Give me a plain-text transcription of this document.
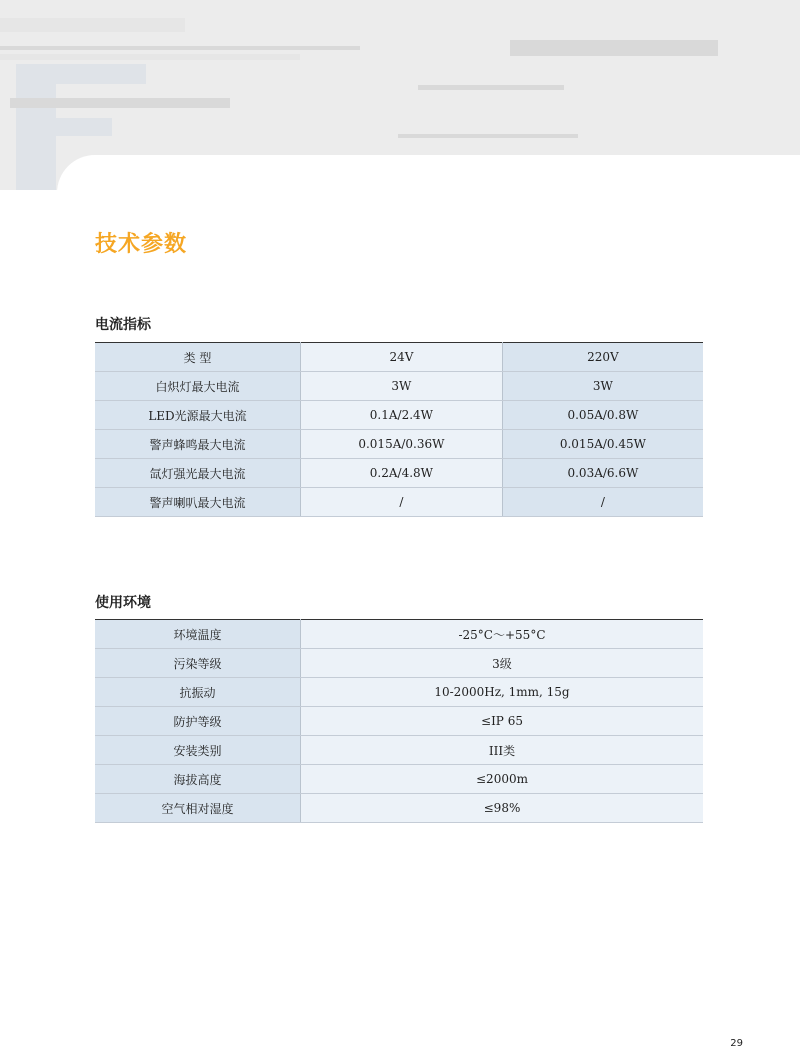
技术参数
电流指标
类 型	24V	220V
白炽灯最大电流	3W	3W
LED光源最大电流	0.1A/2.4W	0.05A/0.8W
警声蜂鸣最大电流	0.015A/0.36W	0.015A/0.45W
氙灯强光最大电流	0.2A/4.8W	0.03A/6.6W
警声喇叭最大电流	/	/
使用环境
环境温度	-25°C～+55°C
污染等级	3级
抗振动	10-2000Hz, 1mm, 15g
防护等级	≤IP 65
安装类别	III类
海拔高度	≤2000m
空气相对湿度	≤98%
29
